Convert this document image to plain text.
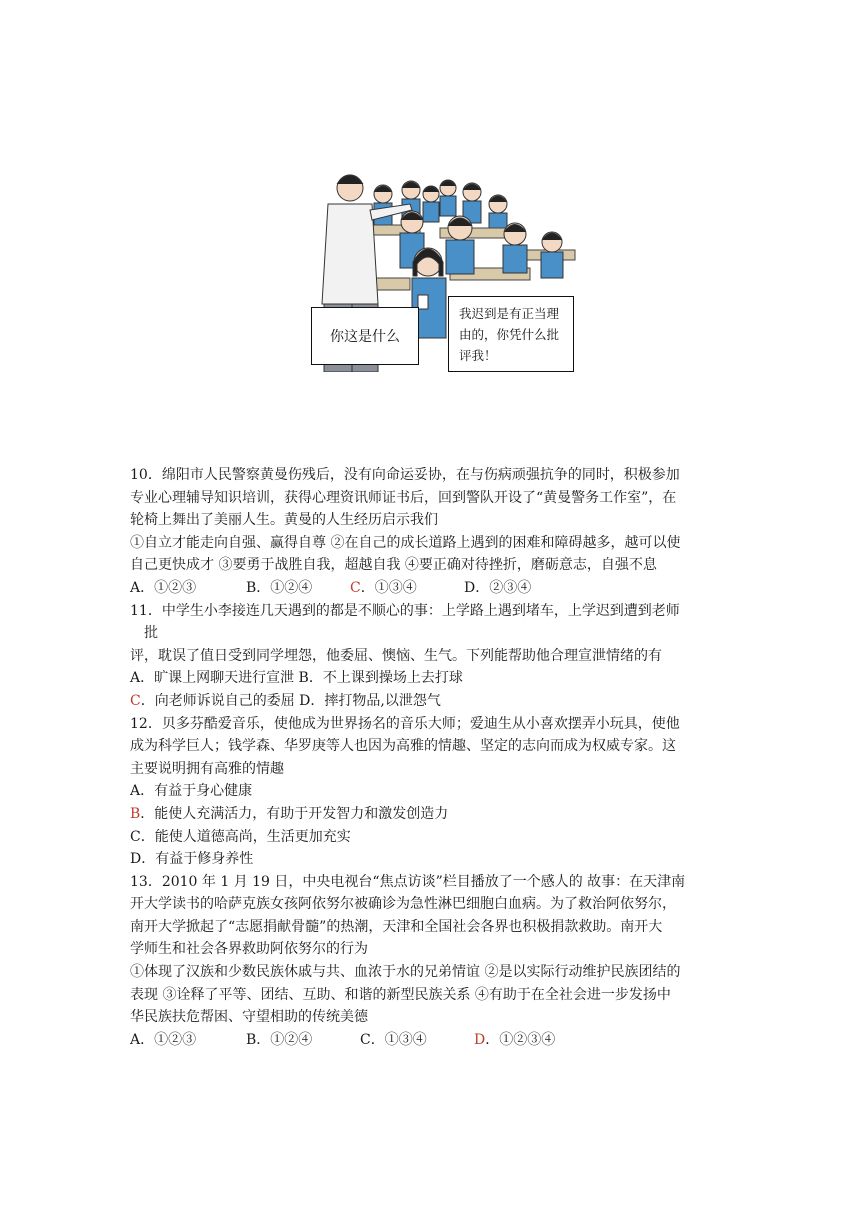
你这是什么
我迟到是有正当理
由的，你凭什么批
评我！
10．绵阳市人民警察黄曼伤残后，没有向命运妥协，在与伤病顽强抗争的同时，积极参加
专业心理辅导知识培训，获得心理资讯师证书后，回到警队开设了“黄曼警务工作室”，在
轮椅上舞出了美丽人生。黄曼的人生经历启示我们
①自立才能走向自强、赢得自尊 ②在自己的成长道路上遇到的困难和障碍越多，越可以使
自己更快成才 ③要勇于战胜自我，超越自我 ④要正确对待挫折，磨砺意志，自强不息
A．①②③	B．①②④	C．①③④	D．②③④
11．中学生小李接连几天遇到的都是不顺心的事：上学路上遇到堵车，上学迟到遭到老师
批
评，耽误了值日受到同学埋怨，他委屈、懊恼、生气。下列能帮助他合理宣泄情绪的有
A．旷课上网聊天进行宣泄 B．不上课到操场上去打球
C．向老师诉说自己的委屈 D．摔打物品,以泄怨气
12．贝多芬酷爱音乐，使他成为世界扬名的音乐大师；爱迪生从小喜欢摆弄小玩具，使他
成为科学巨人；钱学森、华罗庚等人也因为高雅的情趣、坚定的志向而成为权威专家。这
主要说明拥有高雅的情趣
A．有益于身心健康
B．能使人充满活力，有助于开发智力和激发创造力
C．能使人道德高尚，生活更加充实
D．有益于修身养性
13．2010 年 1 月 19 日，中央电视台“焦点访谈”栏目播放了一个感人的 故事：在天津南
开大学读书的哈萨克族女孩阿依努尔被确诊为急性淋巴细胞白血病。为了救治阿依努尔，
南开大学掀起了“志愿捐献骨髓”的热潮，天津和全国社会各界也积极捐款救助。南开大
学师生和社会各界救助阿依努尔的行为
①体现了汉族和少数民族休戚与共、血浓于水的兄弟情谊 ②是以实际行动维护民族团结的
表现 ③诠释了平等、团结、互助、和谐的新型民族关系 ④有助于在全社会进一步发扬中
华民族扶危帮困、守望相助的传统美德
A．①②③	B．①②④	C．①③④	D．①②③④
